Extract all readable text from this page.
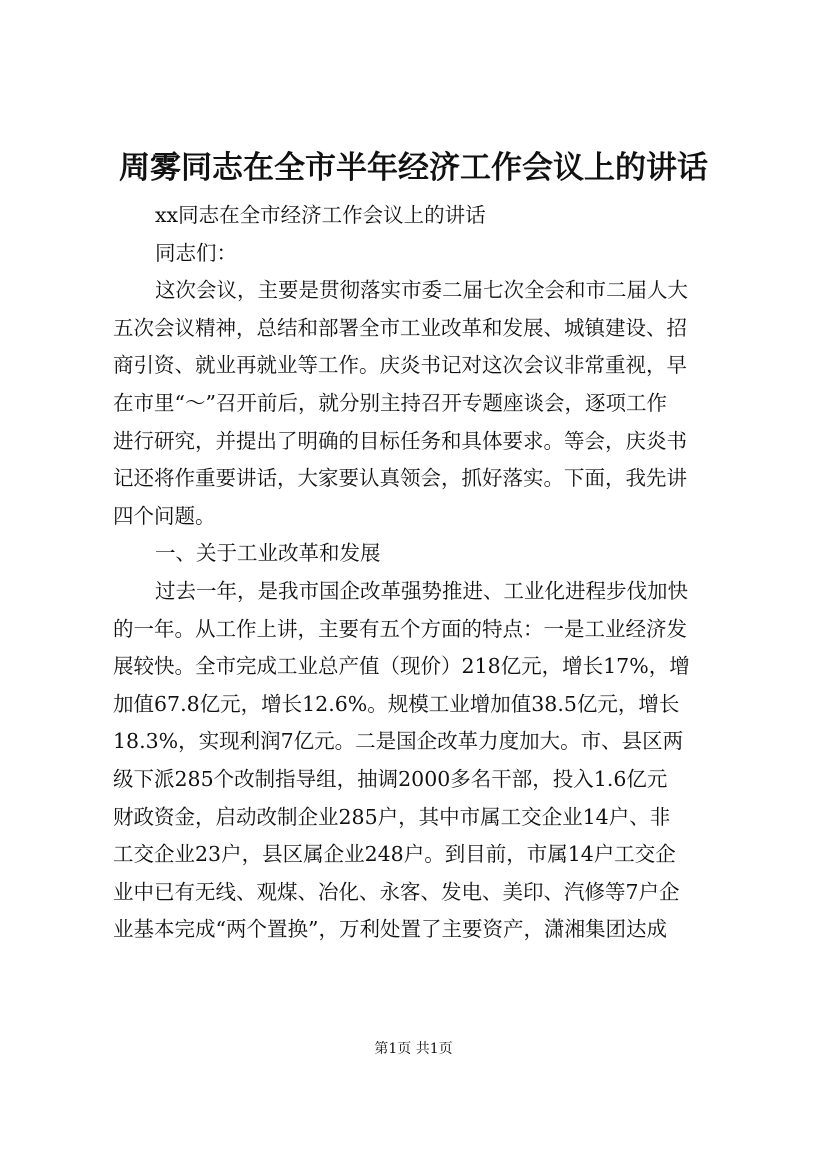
周雾同志在全市半年经济工作会议上的讲话
xx同志在全市经济工作会议上的讲话
同志们：
这次会议，主要是贯彻落实市委二届七次全会和市二届人大
五次会议精神，总结和部署全市工业改革和发展、城镇建设、招
商引资、就业再就业等工作。庆炎书记对这次会议非常重视，早
在市里“～”召开前后，就分别主持召开专题座谈会，逐项工作
进行研究，并提出了明确的目标任务和具体要求。等会，庆炎书
记还将作重要讲话，大家要认真领会，抓好落实。下面，我先讲
四个问题。
一、关于工业改革和发展
过去一年，是我市国企改革强势推进、工业化进程步伐加快
的一年。从工作上讲，主要有五个方面的特点：一是工业经济发
展较快。全市完成工业总产值（现价）218亿元，增长17%，增
加值67.8亿元，增长12.6%。规模工业增加值38.5亿元，增长
18.3%，实现利润7亿元。二是国企改革力度加大。市、县区两
级下派285个改制指导组，抽调2000多名干部，投入1.6亿元
财政资金，启动改制企业285户，其中市属工交企业14户、非
工交企业23户，县区属企业248户。到目前，市属14户工交企
业中已有无线、观煤、冶化、永客、发电、美印、汽修等7户企
业基本完成“两个置换”，万利处置了主要资产，潇湘集团达成
第1页 共1页
